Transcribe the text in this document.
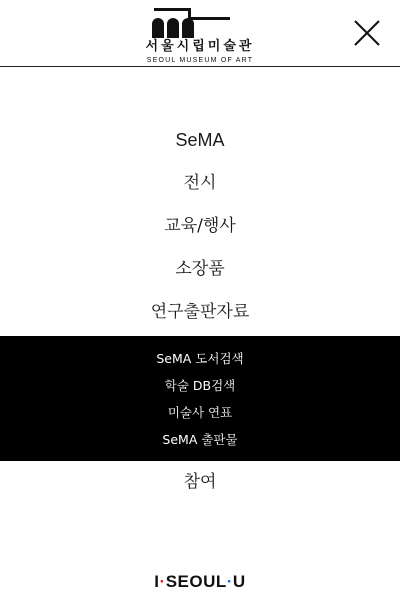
서울시립미술관
SEOUL MUSEUM OF ART
SeMA
전시
교육/행사
소장품
연구출판자료
SeMA 도서검색
학술 DB검색
미술사 연표
SeMA 출판물
참여
I·SEOUL·U
